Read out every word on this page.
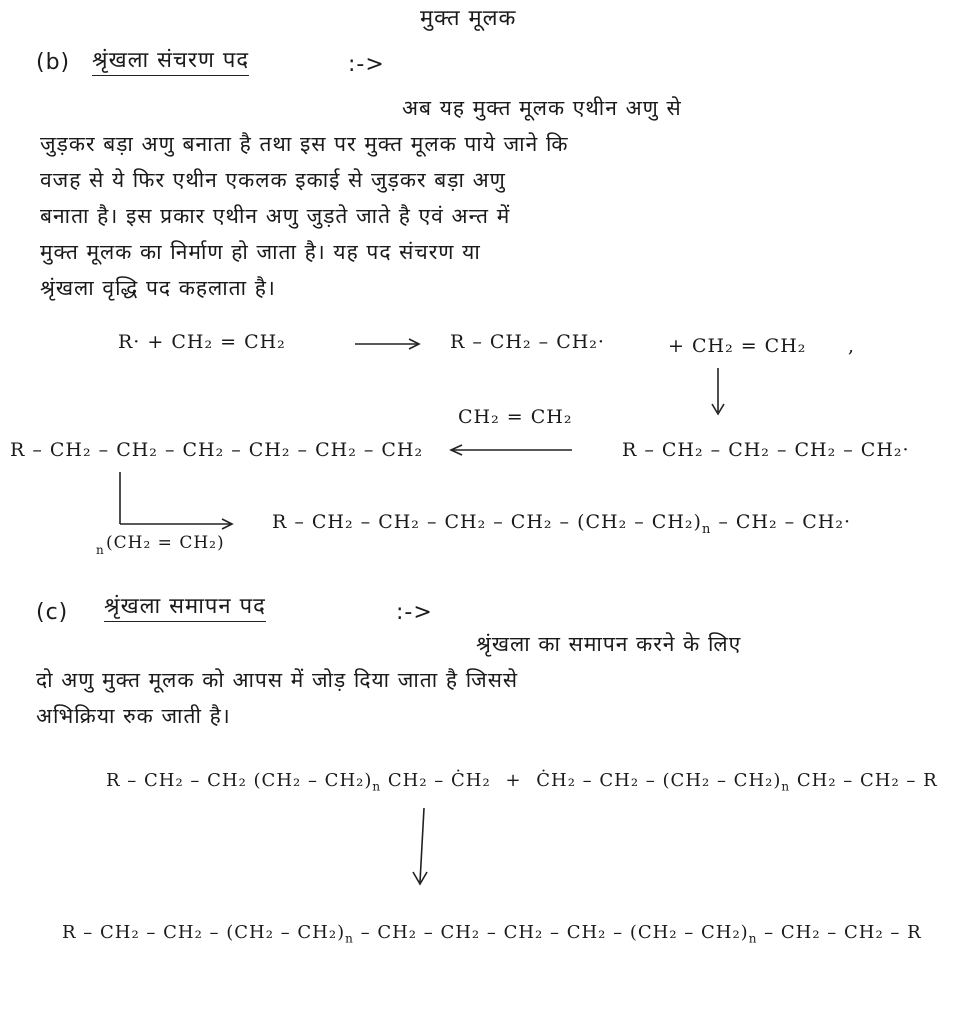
मुक्त मूलक
(b) श्रृंखला संचरण पद	:->
अब यह मुक्त मूलक एथीन अणु से
जुड़कर बड़ा अणु बनाता है तथा इस पर मुक्त मूलक पाये जाने कि
वजह से ये फिर एथीन एकलक इकाई से जुड़कर बड़ा अणु
बनाता है। इस प्रकार एथीन अणु जुड़ते जाते है एवं अन्त में
मुक्त मूलक का निर्माण हो जाता है। यह पद संचरण या
श्रृंखला वृद्धि पद कहलाता है।
R· + CH₂ = CH₂	R – CH₂ – CH₂·	+ CH₂ = CH₂ ,
CH₂ = CH₂
R – CH₂ – CH₂ – CH₂ – CH₂ – CH₂ – CH₂	R – CH₂ – CH₂ – CH₂ – CH₂·
n (CH₂ = CH₂)
$R - CH_2 - CH_2 - CH_2 - CH_2 - (CH_2 - CH_2)_n - CH_2 - CH_2\cdot$
(c) श्रृंखला समापन पद	:->
श्रृंखला का समापन करने के लिए
दो अणु मुक्त मूलक को आपस में जोड़ दिया जाता है जिससे
अभिक्रिया रुक जाती है।
R – CH₂ – CH₂ $(CH_2 - CH_2)_n$ CH₂ – ĊH₂ + ĊH₂ – $CH_2 - (CH_2 - CH_2)_n$ CH₂ – CH₂ – R
R – $CH_2 - CH_2 - (CH_2 - CH_2)_n - CH_2 - CH_2 - CH_2 - CH_2 - (CH_2 - CH_2)_n - CH_2 - CH_2$ – R
